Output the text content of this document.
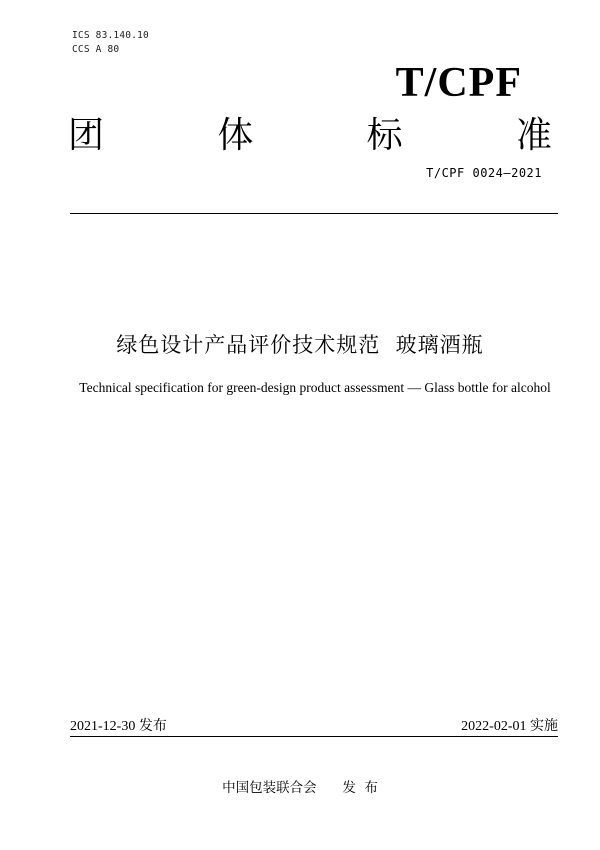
ICS 83.140.10
CCS A 80
T/CPF
团	体	标	准
T/CPF 0024—2021
绿色设计产品评价技术规范  玻璃酒瓶
Technical specification for green-design product assessment — Glass bottle for alcohol
2021-12-30 发布	2022-02-01 实施
中国包装联合会      发  布
